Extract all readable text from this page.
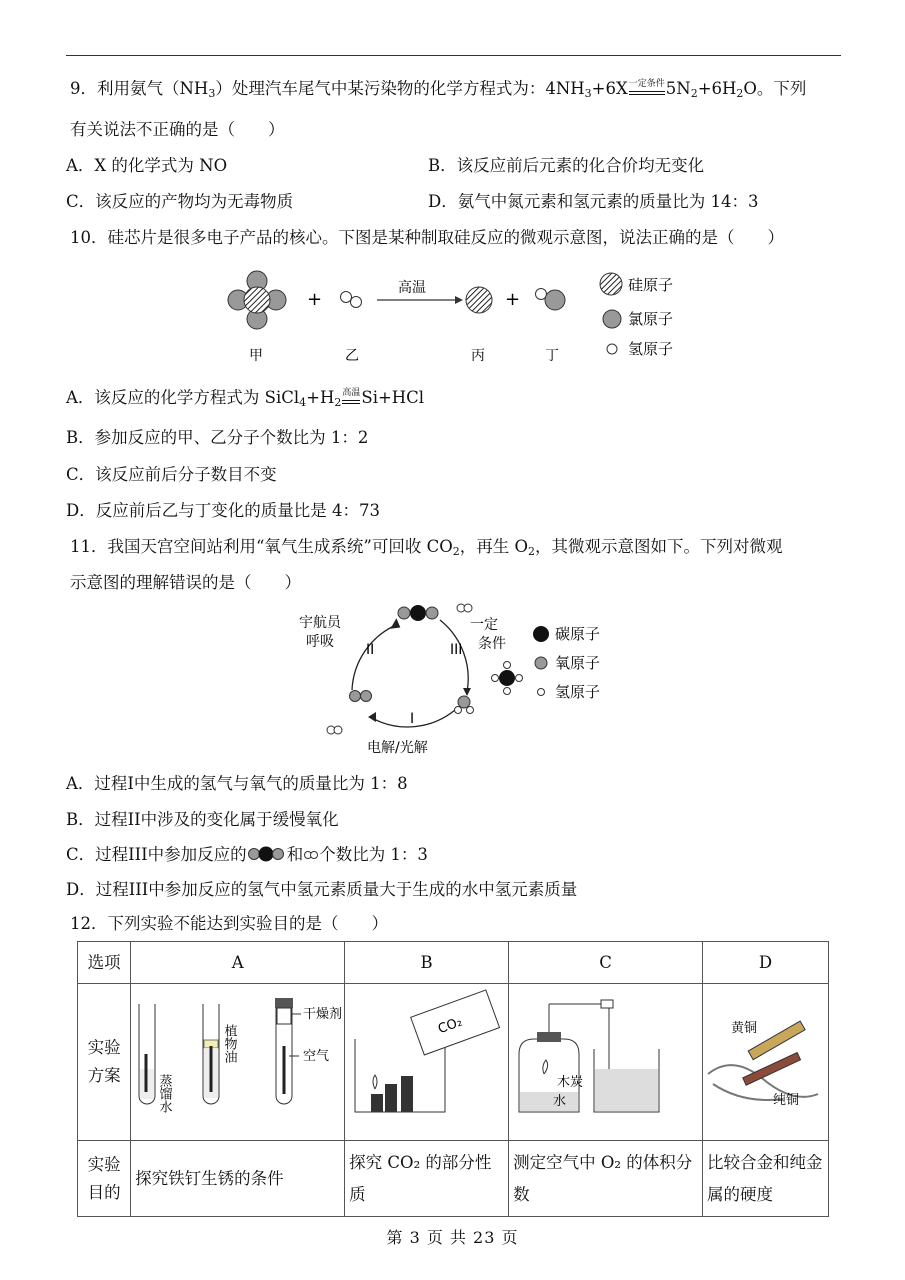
9．利用氨气$(NH_3)$处理汽车尾气中某污染物的化学方程式为：$4NH_3+6X$ 一定条件 $5N_2+6H_2O$。下列
有关说法不正确的是（　　）
A．X 的化学式为 NO	B．该反应前后元素的化合价均无变化
C．该反应的产物均为无毒物质	D．氨气中氮元素和氢元素的质量比为 14：3
10．硅芯片是很多电子产品的核心。下图是某种制取硅反应的微观示意图，说法正确的是（　　）
+
高温
+
甲	乙	丙	丁
硅原子
氯原子
氢原子
A．该反应的化学方程式为 $SiCl_4+H_2$
高温 Si+HCl
B．参加反应的甲、乙分子个数比为 1：2
C．该反应前后分子数目不变
D．反应前后乙与丁变化的质量比是 4：73
11．我国天宫空间站利用“氧气生成系统”可回收 $CO_2$，再生 $O_2$，其微观示意图如下。下列对微观
示意图的理解错误的是（　　）
宇航员
呼吸
一定
条件
II	III
I
电解/光解
碳原子
氧原子
氢原子
A．过程I中生成的氢气与氧气的质量比为 1：8
B．过程II中涉及的变化属于缓慢氧化
C．过程III中参加反应的 和 个数比为 1：3
D．过程III中参加反应的氢气中氢元素质量大于生成的水中氢元素质量
12．下列实验不能达到实验目的是（　　）
选项	A	B	C	D
实验方案	蒸馏水
植物油
干燥剂
空气	CO₂	木炭
水	黄铜
纯铜

实验目的	探究铁钉生锈的条件	探究 CO₂ 的部分性质	测定空气中 O₂ 的体积分数	比较合金和纯金属的硬度
第 3 页 共 23 页
